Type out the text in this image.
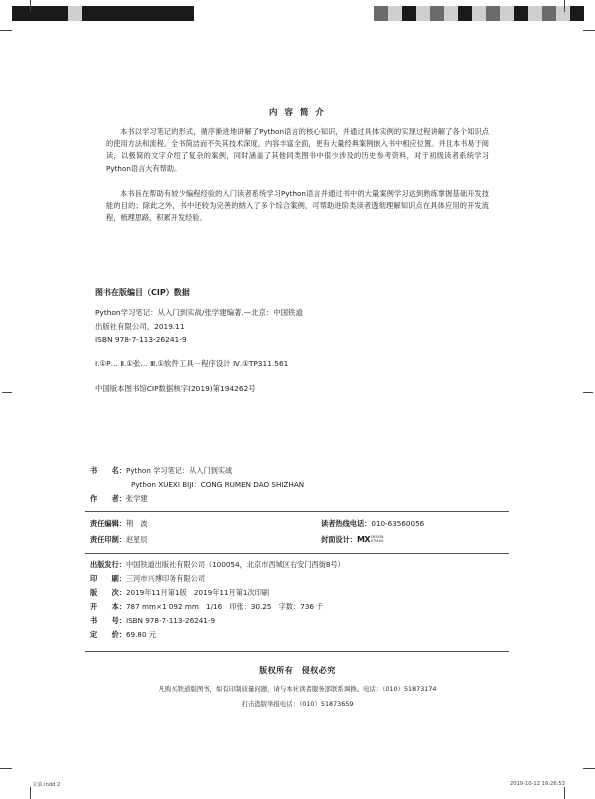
内 容 简 介
本书以学习笔记的形式，循序渐进地讲解了Python语言的核心知识，并通过具体实例的实现过程讲解了各个知识点的使用方法和流程。全书简洁而不失其技术深度，内容丰富全面，更有大量经典案例嵌入书中相应位置。并且本书易于阅读，以极简的文字介绍了复杂的案例，同时涵盖了其他同类图书中很少涉及的历史参考资料，对于初级读者系统学习Python语言大有帮助。
本书旨在帮助有较少编程经验的入门读者系统学习Python语言并通过书中的大量案例学习达到熟练掌握基础开发技能的目的；除此之外，书中还较为完善的纳入了多个综合案例，可帮助进阶类读者透彻理解知识点在具体应用的开发流程，梳理思路，积累开发经验。
图书在版编目（CIP）数据
Python学习笔记：从入门到实战/张学建编著.—北京：中国铁道
出版社有限公司，2019.11
ISBN 978-7-113-26241-9
Ⅰ.①P… Ⅱ.①张… Ⅲ.①软件工具－程序设计 Ⅳ.①TP311.561
中国版本图书馆CIP数据核字(2019)第194262号
书　　名：Python 学习笔记：从入门到实战
Python XUEXI BIJI：CONG RUMEN DAO SHIZHAN
作　　者：张学建
责任编辑：荆　波	读者热线电话：010-63560056
责任印制：赵星辰	封面设计：MXDESIGN
STUDIO
出版发行：中国铁道出版社有限公司（100054，北京市西城区右安门西街8号）
印　　刷：三河市兴博印务有限公司
版　　次：2019年11月第1版　2019年11月第1次印刷
开　　本：787 mm×1 092 mm　1/16　印张：30.25　字数：736 千
书　　号：ISBN 978-7-113-26241-9
定　　价：69.80 元
版权所有　侵权必究
凡购买铁道版图书，如有印制质量问题，请与本社读者服务部联系调换。电话：（010）51873174
打击盗版举报电话：（010）51873659
文前.indd 2	2019-10-12 16:26:53
